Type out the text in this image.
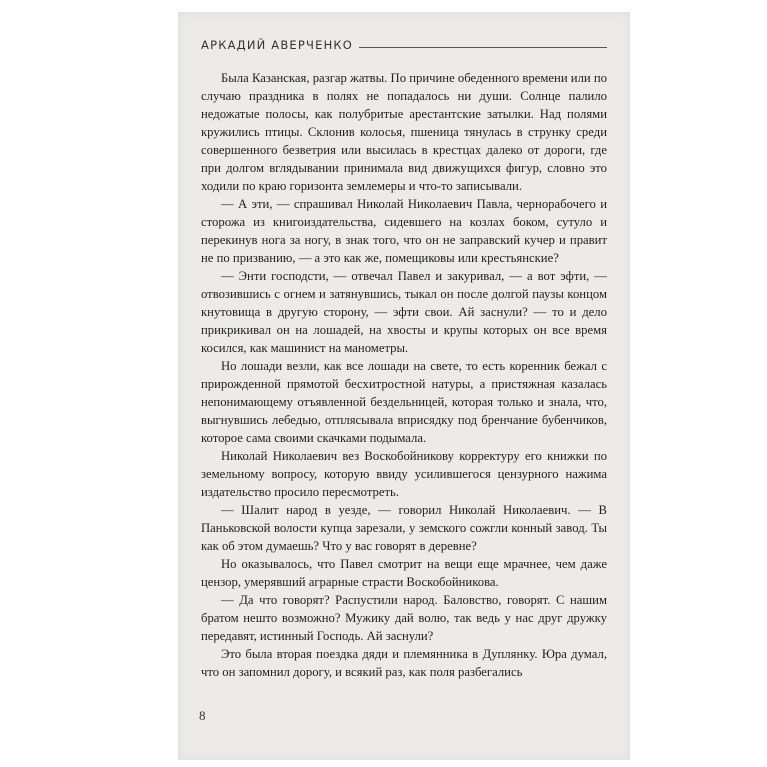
АРКАДИЙ АВЕРЧЕНКО

Была Казанская, разгар жатвы. По причине обеденного времени или по случаю праздника в полях не попадалось ни души. Солнце палило недожатые полосы, как полубритые арестантские затылки. Над полями кружились птицы. Склонив колосья, пшеница тянулась в струнку среди совершенного безветрия или высилась в крестцах далеко от дороги, где при долгом вглядывании принимала вид движущихся фигур, словно это ходили по краю горизонта землемеры и что-то записывали.

— А эти, — спрашивал Николай Николаевич Павла, чернорабочего и сторожа из книгоиздательства, сидевшего на козлах боком, сутуло и перекинув нога за ногу, в знак того, что он не заправский кучер и правит не по призванию, — а это как же, помещиковы или крестьянские?

— Энти господсти, — отвечал Павел и закуривал, — а вот эфти, — отвозившись с огнем и затянувшись, тыкал он после долгой паузы концом кнутовища в другую сторону, — эфти свои. Ай заснули? — то и дело прикрикивал он на лошадей, на хвосты и крупы которых он все время косился, как машинист на манометры.

Но лошади везли, как все лошади на свете, то есть коренник бежал с прирожденной прямотой бесхитростной натуры, а пристяжная казалась непонимающему отъявленной бездельницей, которая только и знала, что, выгнувшись лебедью, отплясывала вприсядку под бренчание бубенчиков, которое сама своими скачками подымала.

Николай Николаевич вез Воскобойникову корректуру его книжки по земельному вопросу, которую ввиду усилившегося цензурного нажима издательство просило пересмотреть.

— Шалит народ в уезде, — говорил Николай Николаевич. — В Паньковской волости купца зарезали, у земского сожгли конный завод. Ты как об этом думаешь? Что у вас говорят в деревне?

Но оказывалось, что Павел смотрит на вещи еще мрачнее, чем даже цензор, умерявший аграрные страсти Воскобойникова.

— Да что говорят? Распустили народ. Баловство, говорят. С нашим братом нешто возможно? Мужику дай волю, так ведь у нас друг дружку передавят, истинный Господь. Ай заснули?

Это была вторая поездка дяди и племянника в Дуплянку. Юра думал, что он запомнил дорогу, и всякий раз, как поля разбегались

8
